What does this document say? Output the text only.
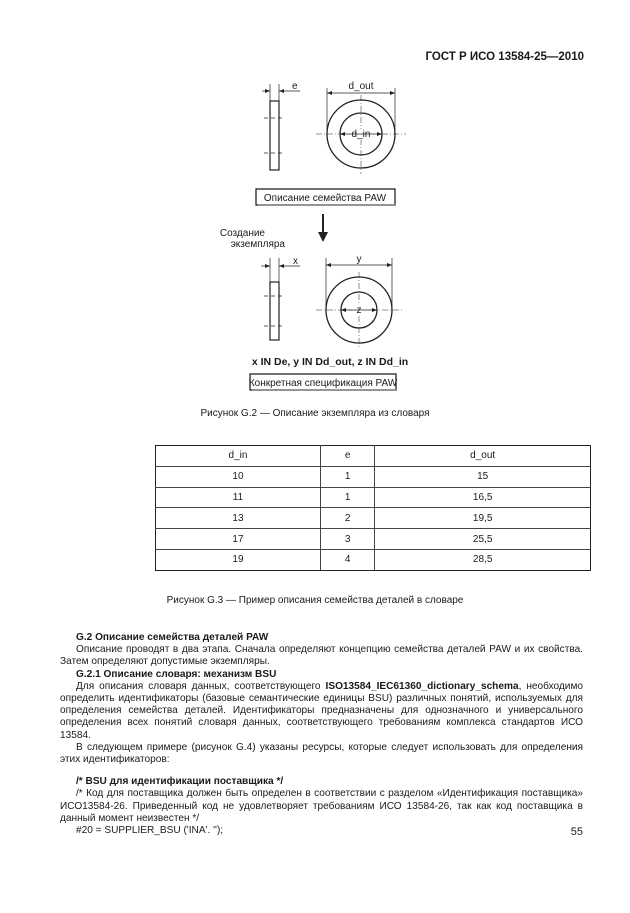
ГОСТ Р ИСО 13584-25—2010
e	d_out
d_in
Описание семейства PAW
Создание
экземпляра
x	y
z
x IN De, y IN Dd_out, z IN Dd_in
Конкретная спецификация PAW
Рисунок G.2 — Описание экземпляра из словаря
d_in	e	d_out
10	1	15
11	1	16,5
13	2	19,5
17	3	25,5
19	4	28,5
Рисунок G.3 — Пример описания семейства деталей в словаре

G.2 Описание семейства деталей PAW

Описание проводят в два этапа. Сначала определяют концепцию семейства деталей PAW и их свойства. Затем определяют допустимые экземпляры.

G.2.1 Описание словаря: механизм BSU

Для описания словаря данных, соответствующего ISO13584_IEC61360_dictionary_schema, необходимо определить идентификаторы (базовые семантические единицы BSU) различных понятий, используемых для определения семейства деталей. Идентификаторы предназначены для однозначного и универсального определения всех понятий словаря данных, соответствующего требованиям комплекса стандартов ИСО 13584.

В следующем примере (рисунок G.4) указаны ресурсы, которые следует использовать для определения этих идентификаторов:

/* BSU для идентификации поставщика */

/* Код для поставщика должен быть определен в соответствии с разделом «Идентификация поставщика» ИСО13584-26. Приведенный код не удовлетворяет требованиям ИСО 13584-26, так как код поставщика в данный момент неизвестен */

#20 = SUPPLIER_BSU ('INA'. '');	55
